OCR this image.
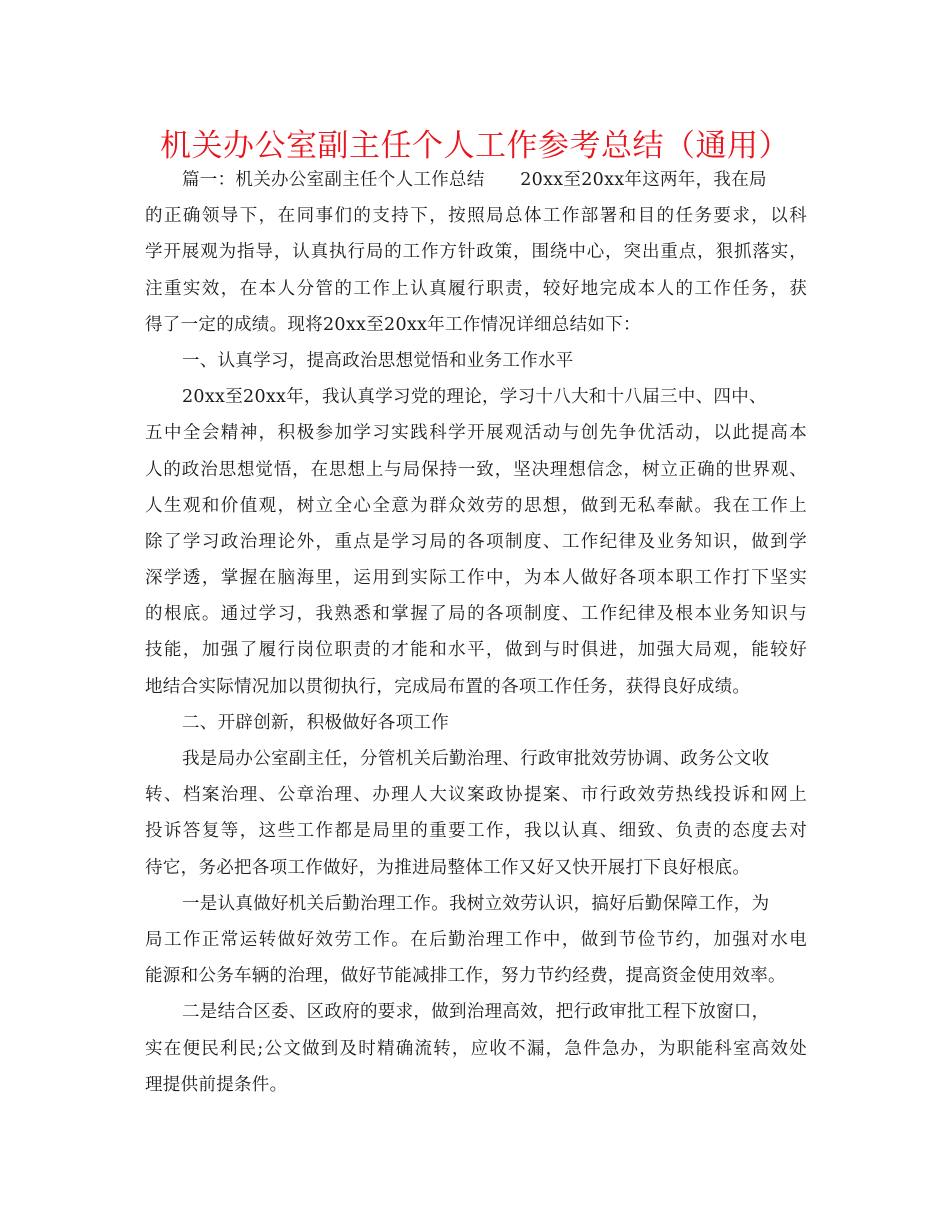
机关办公室副主任个人工作参考总结（通用）
篇一：机关办公室副主任个人工作总结　　20xx至20xx年这两年，我在局
的正确领导下，在同事们的支持下，按照局总体工作部署和目的任务要求，以科
学开展观为指导，认真执行局的工作方针政策，围绕中心，突出重点，狠抓落实，
注重实效，在本人分管的工作上认真履行职责，较好地完成本人的工作任务，获
得了一定的成绩。现将20xx至20xx年工作情况详细总结如下：
一、认真学习，提高政治思想觉悟和业务工作水平
20xx至20xx年，我认真学习党的理论，学习十八大和十八届三中、四中、
五中全会精神，积极参加学习实践科学开展观活动与创先争优活动，以此提高本
人的政治思想觉悟，在思想上与局保持一致，坚决理想信念，树立正确的世界观、
人生观和价值观，树立全心全意为群众效劳的思想，做到无私奉献。我在工作上
除了学习政治理论外，重点是学习局的各项制度、工作纪律及业务知识，做到学
深学透，掌握在脑海里，运用到实际工作中，为本人做好各项本职工作打下坚实
的根底。通过学习，我熟悉和掌握了局的各项制度、工作纪律及根本业务知识与
技能，加强了履行岗位职责的才能和水平，做到与时俱进，加强大局观，能较好
地结合实际情况加以贯彻执行，完成局布置的各项工作任务，获得良好成绩。
二、开辟创新，积极做好各项工作
我是局办公室副主任，分管机关后勤治理、行政审批效劳协调、政务公文收
转、档案治理、公章治理、办理人大议案政协提案、市行政效劳热线投诉和网上
投诉答复等，这些工作都是局里的重要工作，我以认真、细致、负责的态度去对
待它，务必把各项工作做好，为推进局整体工作又好又快开展打下良好根底。
一是认真做好机关后勤治理工作。我树立效劳认识，搞好后勤保障工作，为
局工作正常运转做好效劳工作。在后勤治理工作中，做到节俭节约，加强对水电
能源和公务车辆的治理，做好节能减排工作，努力节约经费，提高资金使用效率。
二是结合区委、区政府的要求，做到治理高效，把行政审批工程下放窗口，
实在便民利民;公文做到及时精确流转，应收不漏，急件急办，为职能科室高效处
理提供前提条件。
